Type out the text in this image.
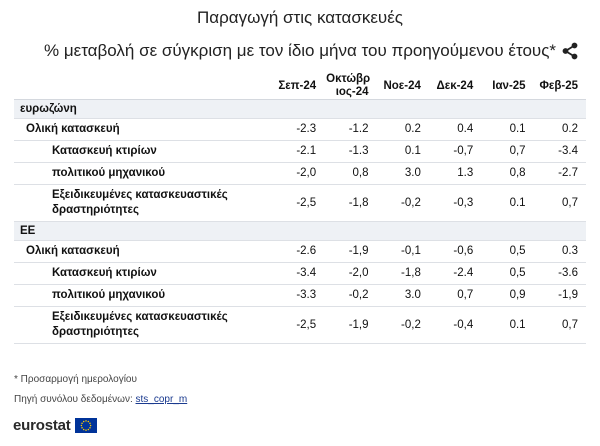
Παραγωγή στις κατασκευές
% μεταβολή σε σύγκριση με τον ίδιο μήνα του προηγούμενου έτους*
	Σεπ-24	Οκτώβρ
ιος-24	Νοε-24	Δεκ-24	Ιαν-25	Φεβ-25
ευρωζώνη						
Ολική κατασκευή	-2.3	-1.2	0.2	0.4	0.1	0.2
Κατασκευή κτιρίων	-2.1	-1.3	0.1	-0,7	0,7	-3.4
πολιτικού μηχανικού	-2,0	0,8	3.0	1.3	0,8	-2.7
Εξειδικευμένες κατασκευαστικές
δραστηριότητες	-2,5	-1,8	-0,2	-0,3	0.1	0,7
ΕΕ						
Ολική κατασκευή	-2.6	-1,9	-0,1	-0,6	0,5	0.3
Κατασκευή κτιρίων	-3.4	-2,0	-1,8	-2.4	0,5	-3.6
πολιτικού μηχανικού	-3.3	-0,2	3.0	0,7	0,9	-1,9
Εξειδικευμένες κατασκευαστικές
δραστηριότητες	-2,5	-1,9	-0,2	-0,4	0.1	0,7
* Προσαρμογή ημερολογίου
Πηγή συνόλου δεδομένων: sts_copr_m
eurostat
